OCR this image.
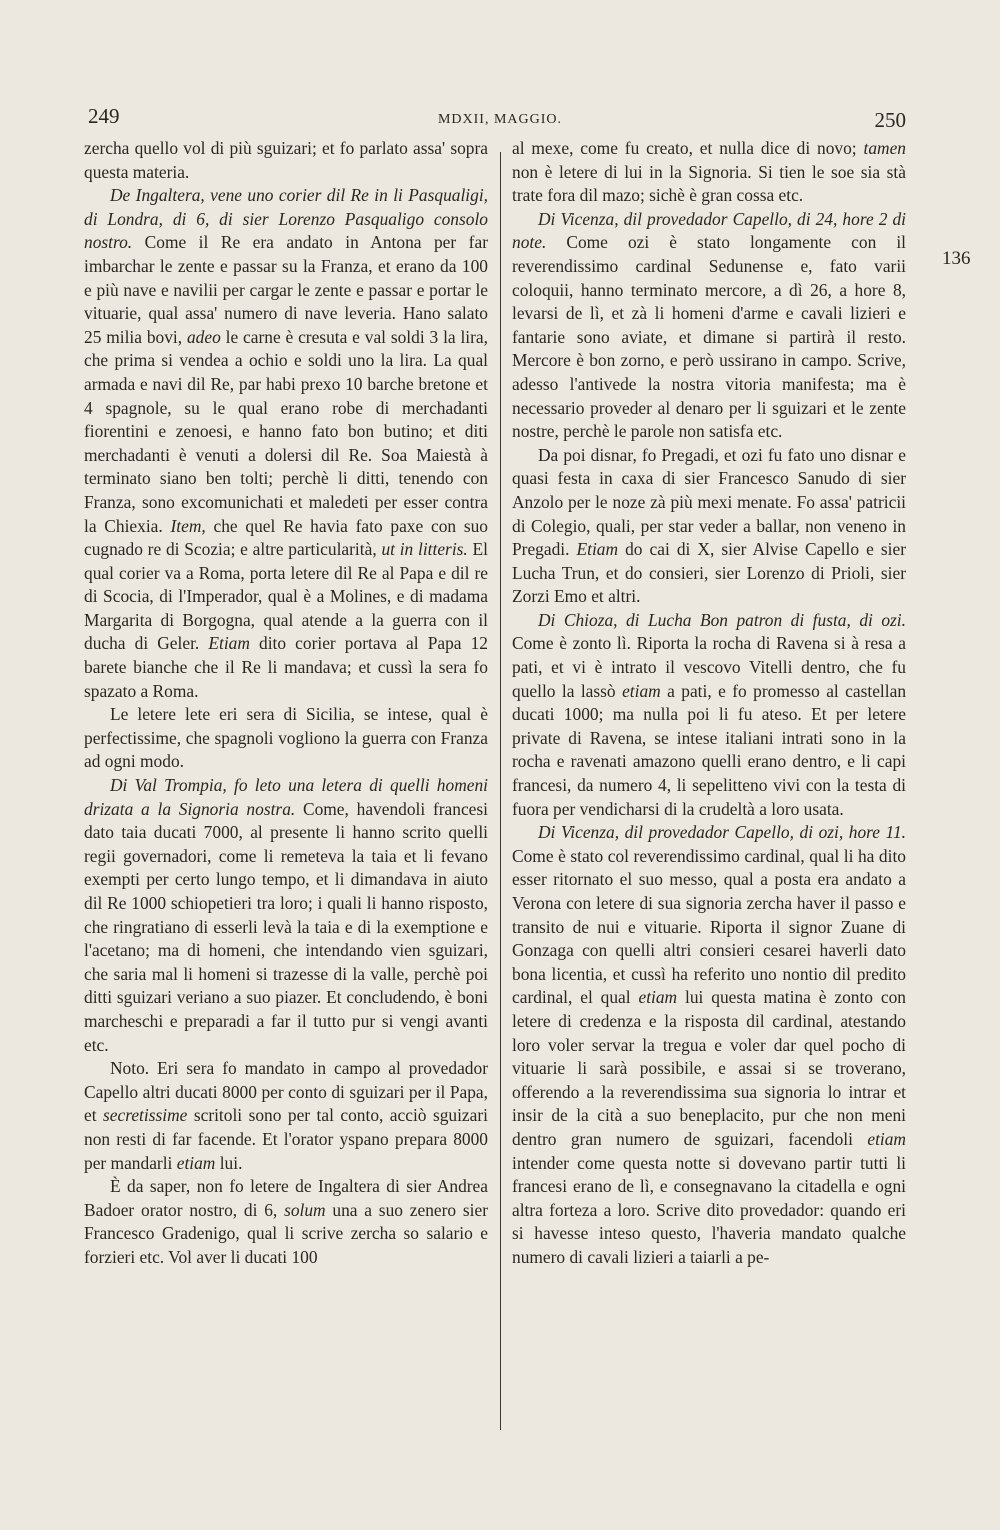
249	MDXII, MAGGIO.	250

zercha quello vol di più sguizari; et fo parlato assa' sopra questa materia.

De Ingaltera, vene uno corier dil Re in li Pasqualigi, di Londra, di 6, di sier Lorenzo Pasqualigo consolo nostro. Come il Re era andato in Antona per far imbarchar le zente e passar su la Franza, et erano da 100 e più nave e navilii per cargar le zente e passar e portar le vituarie, qual assa' numero di nave leveria. Hano salato 25 milia bovi, adeo le carne è cresuta e val soldi 3 la lira, che prima si vendea a ochio e soldi uno la lira. La qual armada e navi dil Re, par habi prexo 10 barche bretone et 4 spagnole, su le qual erano robe di merchadanti fiorentini e zenoesi, e hanno fato bon butino; et diti merchadanti è venuti a dolersi dil Re. Soa Maiestà à terminato siano ben tolti; perchè li ditti, tenendo con Franza, sono excomunichati et maledeti per esser contra la Chiexia. Item, che quel Re havia fato paxe con suo cugnado re di Scozia; e altre particularità, ut in litteris. El qual corier va a Roma, porta letere dil Re al Papa e dil re di Scocia, di l'Imperador, qual è a Molines, e di madama Margarita di Borgogna, qual atende a la guerra con il ducha di Geler. Etiam dito corier portava al Papa 12 barete bianche che il Re li mandava; et cussì la sera fo spazato a Roma.

Le letere lete eri sera di Sicilia, se intese, qual è perfectissime, che spagnoli vogliono la guerra con Franza ad ogni modo.

Di Val Trompia, fo leto una letera di quelli homeni drizata a la Signoria nostra. Come, havendoli francesi dato taia ducati 7000, al presente li hanno scrito quelli regii governadori, come li remeteva la taia et li fevano exempti per certo lungo tempo, et li dimandava in aiuto dil Re 1000 schiopetieri tra loro; i quali li hanno risposto, che ringratiano di esserli levà la taia e di la exemptione e l'acetano; ma di homeni, che intendando vien sguizari, che saria mal li homeni si trazesse di la valle, perchè poi ditti sguizari veriano a suo piazer. Et concludendo, è boni marcheschi e preparadi a far il tutto pur si vengi avanti etc.

Noto. Eri sera fo mandato in campo al provedador Capello altri ducati 8000 per conto di sguizari per il Papa, et secretissime scritoli sono per tal conto, acciò sguizari non resti di far facende. Et l'orator yspano prepara 8000 per mandarli etiam lui.

È da saper, non fo letere de Ingaltera di sier Andrea Badoer orator nostro, di 6, solum una a suo zenero sier Francesco Gradenigo, qual li scrive zercha so salario e forzieri etc. Vol aver li ducati 100

al mexe, come fu creato, et nulla dice di novo; tamen non è letere di lui in la Signoria. Si tien le soe sia stà trate fora dil mazo; sichè è gran cossa etc.

Di Vicenza, dil provedador Capello, di 24, hore 2 di note. Come ozi è stato longamente con il reverendissimo cardinal Sedunense e, fato varii coloquii, hanno terminato mercore, a dì 26, a hore 8, levarsi de lì, et zà li homeni d'arme e cavali lizieri e fantarie sono aviate, et dimane si partirà il resto. Mercore è bon zorno, e però ussirano in campo. Scrive, adesso l'antivede la nostra vitoria manifesta; ma è necessario proveder al denaro per li sguizari et le zente nostre, perchè le parole non satisfa etc.

Da poi disnar, fo Pregadi, et ozi fu fato uno disnar e quasi festa in caxa di sier Francesco Sanudo di sier Anzolo per le noze zà più mexi menate. Fo assa' patricii di Colegio, quali, per star veder a ballar, non veneno in Pregadi. Etiam do cai di X, sier Alvise Capello e sier Lucha Trun, et do consieri, sier Lorenzo di Prioli, sier Zorzi Emo et altri.

Di Chioza, di Lucha Bon patron di fusta, di ozi. Come è zonto lì. Riporta la rocha di Ravena si à resa a pati, et vi è intrato il vescovo Vitelli dentro, che fu quello la lassò etiam a pati, e fo promesso al castellan ducati 1000; ma nulla poi li fu ateso. Et per letere private di Ravena, se intese italiani intrati sono in la rocha e ravenati amazono quelli erano dentro, e li capi francesi, da numero 4, li sepelitteno vivi con la testa di fuora per vendicharsi di la crudeltà a loro usata.

Di Vicenza, dil provedador Capello, di ozi, hore 11. Come è stato col reverendissimo cardinal, qual li ha dito esser ritornato el suo messo, qual a posta era andato a Verona con letere di sua signoria zercha haver il passo e transito de nui e vituarie. Riporta il signor Zuane di Gonzaga con quelli altri consieri cesarei haverli dato bona licentia, et cussì ha referito uno nontio dil predito cardinal, el qual etiam lui questa matina è zonto con letere di credenza e la risposta dil cardinal, atestando loro voler servar la tregua e voler dar quel pocho di vituarie li sarà possibile, e assai si se troverano, offerendo a la reverendissima sua signoria lo intrar et insir de la cità a suo beneplacito, pur che non meni dentro gran numero de sguizari, facendoli etiam intender come questa notte si dovevano partir tutti li francesi erano de lì, e consegnavano la citadella e ogni altra forteza a loro. Scrive dito provedador: quando eri si havesse inteso questo, l'haveria mandato qualche numero di cavali lizieri a taiarli a pe-

136
